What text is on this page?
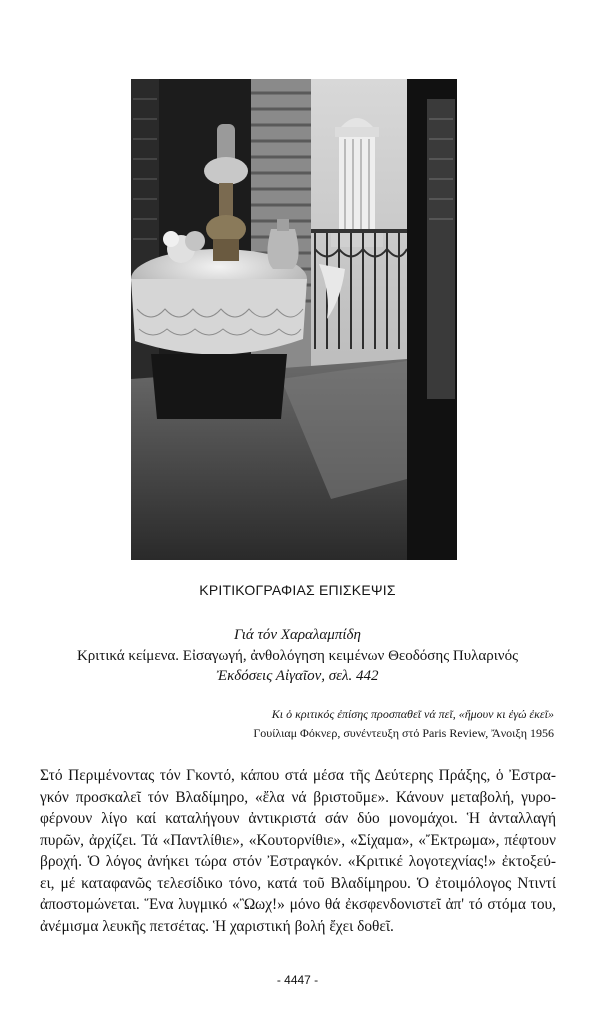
ΚΡΙΤΙΚΟΓΡΑΦΙΑΣ ΕΠΙΣΚΕΨΙΣ
Γιά τόν Χαραλαμπίδη
Κριτικά κείμενα. Εἰσαγωγή, ἀνθολόγηση κειμένων Θεοδόσης Πυλαρινός
Ἐκδόσεις Αἰγαῖον, σελ. 442
Κι ὁ κριτικός ἐπίσης προσπαθεῖ νά πεῖ, «ἤμουν κι ἐγώ ἐκεῖ»
Γουίλιαμ Φόκνερ, συνέντευξη στό Paris Review, Ἄνοιξη 1956
Στό Περιμένοντας τόν Γκοντό, κάπου στά μέσα τῆς Δεύτερης Πράξης, ὁ Ἐστρα-
γκόν προσκαλεῖ τόν Βλαδίμηρο, «ἔλα νά βριστοῦμε». Κάνουν μεταβολή, γυρο-
φέρνουν λίγο καί καταλήγουν ἀντικριστά σάν δύο μονομάχοι. Ἡ ἀνταλλαγή
πυρῶν, ἀρχίζει. Τά «Παντλίθιε», «Κουτορνίθιε», «Σίχαμα», «Ἔκτρωμα», πέφτουν
βροχή. Ὁ λόγος ἀνήκει τώρα στόν Ἐστραγκόν. «Κριτικέ λογοτεχνίας!» ἐκτοξεύ-
ει, μέ καταφανῶς τελεσίδικο τόνο, κατά τοῦ Βλαδίμηρου. Ὁ ἐτοιμόλογος Ντιντί
ἀποστομώνεται. Ἕνα λυγμικό «Ὢωχ!» μόνο θά ἐκσφενδονιστεῖ ἀπ' τό στόμα του,
ἀνέμισμα λευκῆς πετσέτας. Ἡ χαριστική βολή ἔχει δοθεῖ.
- 4447 -
